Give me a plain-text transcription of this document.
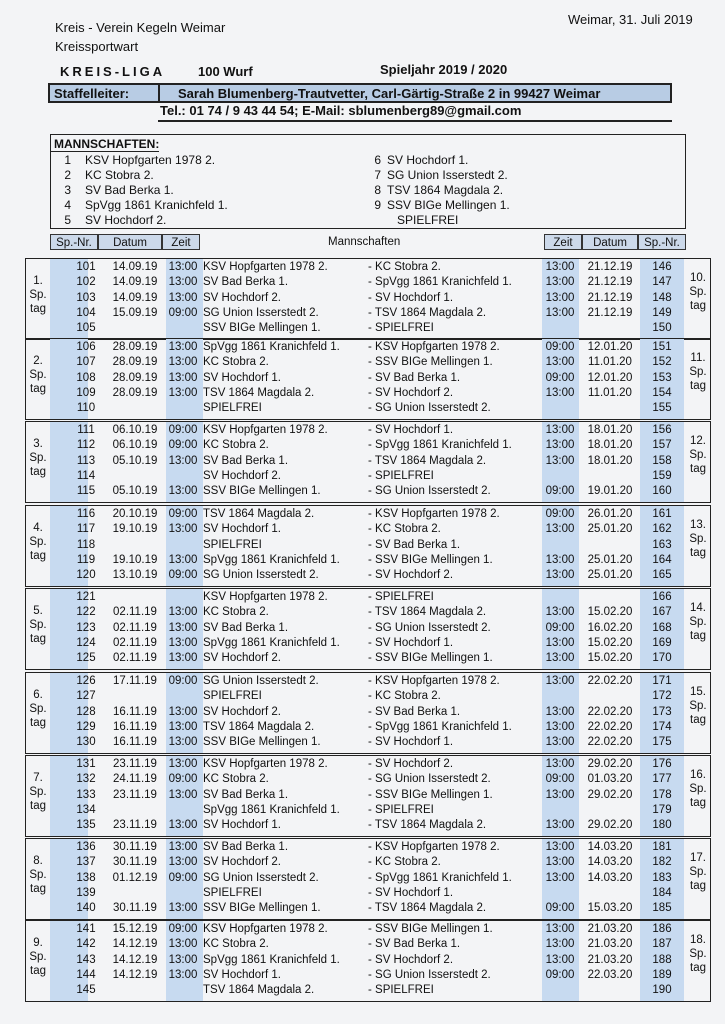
Kreis - Verein Kegeln Weimar
Kreissportwart
Weimar, 31. Juli 2019
KREIS-LIGA	100 Wurf	Spieljahr 2019 / 2020
Staffelleiter:	Sarah Blumenberg-Trautvetter, Carl-Gärtig-Straße 2 in 99427 Weimar
Tel.: 01 74 / 9 43 44 54; E-Mail: sblumenberg89@gmail.com
MANNSCHAFTEN:
1 KSV Hopfgarten 1978 2.
2 KC Stobra 2.
3 SV Bad Berka 1.
4 SpVgg 1861 Kranichfeld 1.
5 SV Hochdorf 2.
6 SV Hochdorf 1.
7 SG Union Isserstedt 2.
8 TSV 1864 Magdala 2.
9 SSV BIGe Mellingen 1.
SPIELFREI
Sp.-Nr.	Datum	Zeit	Mannschaften	Zeit	Datum	Sp.-Nr.
1.
Sp.
tag
10.
Sp.
tag
101	14.09.19 13:00 KSV Hopfgarten 1978 2.	- KC Stobra 2.	13:00	21.12.19	146
102	14.09.19 13:00 SV Bad Berka 1.	- SpVgg 1861 Kranichfeld 1.	13:00	21.12.19	147
103	14.09.19 13:00 SV Hochdorf 2.	- SV Hochdorf 1.	13:00	21.12.19	148
104	15.09.19 09:00 SG Union Isserstedt 2.	- TSV 1864 Magdala 2.	13:00	21.12.19	149
105	SSV BIGe Mellingen 1.	- SPIELFREI	150
2.
Sp.
tag
11.
Sp.
tag
106	28.09.19 13:00 SpVgg 1861 Kranichfeld 1.	- KSV Hopfgarten 1978 2.	09:00	12.01.20	151
107	28.09.19 13:00 KC Stobra 2.	- SSV BIGe Mellingen 1.	13:00	11.01.20	152
108	28.09.19 13:00 SV Hochdorf 1.	- SV Bad Berka 1.	09:00	12.01.20	153
109	28.09.19 13:00 TSV 1864 Magdala 2.	- SV Hochdorf 2.	13:00	11.01.20	154
110	SPIELFREI	- SG Union Isserstedt 2.	155
3.
Sp.
tag
12.
Sp.
tag
111	06.10.19 09:00 KSV Hopfgarten 1978 2.	- SV Hochdorf 1.	13:00	18.01.20	156
112	06.10.19 09:00 KC Stobra 2.	- SpVgg 1861 Kranichfeld 1.	13:00	18.01.20	157
113	05.10.19 13:00 SV Bad Berka 1.	- TSV 1864 Magdala 2.	13:00	18.01.20	158
114	SV Hochdorf 2.	- SPIELFREI	159
115	05.10.19 13:00 SSV BIGe Mellingen 1.	- SG Union Isserstedt 2.	09:00	19.01.20	160
4.
Sp.
tag
13.
Sp.
tag
116	20.10.19 09:00 TSV 1864 Magdala 2.	- KSV Hopfgarten 1978 2.	09:00	26.01.20	161
117	19.10.19 13:00 SV Hochdorf 1.	- KC Stobra 2.	13:00	25.01.20	162
118	SPIELFREI	- SV Bad Berka 1.	163
119	19.10.19 13:00 SpVgg 1861 Kranichfeld 1.	- SSV BIGe Mellingen 1.	13:00	25.01.20	164
120	13.10.19 09:00 SG Union Isserstedt 2.	- SV Hochdorf 2.	13:00	25.01.20	165
5.
Sp.
tag
14.
Sp.
tag
121	KSV Hopfgarten 1978 2.	- SPIELFREI	166
122	02.11.19	13:00 KC Stobra 2.	- TSV 1864 Magdala 2.	13:00	15.02.20	167
123	02.11.19	13:00 SV Bad Berka 1.	- SG Union Isserstedt 2.	09:00	16.02.20	168
124	02.11.19	13:00 SpVgg 1861 Kranichfeld 1.	- SV Hochdorf 1.	13:00	15.02.20	169
125	02.11.19	13:00 SV Hochdorf 2.	- SSV BIGe Mellingen 1.	13:00	15.02.20	170
6.
Sp.
tag
15.
Sp.
tag
126	17.11.19	09:00 SG Union Isserstedt 2.	- KSV Hopfgarten 1978 2.	13:00	22.02.20	171
127	SPIELFREI	- KC Stobra 2.	172
128	16.11.19	13:00 SV Hochdorf 2.	- SV Bad Berka 1.	13:00	22.02.20	173
129	16.11.19	13:00 TSV 1864 Magdala 2.	- SpVgg 1861 Kranichfeld 1.	13:00	22.02.20	174
130	16.11.19	13:00 SSV BIGe Mellingen 1.	- SV Hochdorf 1.	13:00	22.02.20	175
7.
Sp.
tag
16.
Sp.
tag
131	23.11.19	13:00 KSV Hopfgarten 1978 2.	- SV Hochdorf 2.	13:00	29.02.20	176
132	24.11.19	09:00 KC Stobra 2.	- SG Union Isserstedt 2.	09:00	01.03.20	177
133	23.11.19	13:00 SV Bad Berka 1.	- SSV BIGe Mellingen 1.	13:00	29.02.20	178
134	SpVgg 1861 Kranichfeld 1.	- SPIELFREI	179
135	23.11.19	13:00 SV Hochdorf 1.	- TSV 1864 Magdala 2.	13:00	29.02.20	180
8.
Sp.
tag
17.
Sp.
tag
136	30.11.19	13:00 SV Bad Berka 1.	- KSV Hopfgarten 1978 2.	13:00	14.03.20	181
137	30.11.19	13:00 SV Hochdorf 2.	- KC Stobra 2.	13:00	14.03.20	182
138	01.12.19 09:00 SG Union Isserstedt 2.	- SpVgg 1861 Kranichfeld 1.	13:00	14.03.20	183
139	SPIELFREI	- SV Hochdorf 1.	184
140	30.11.19	13:00 SSV BIGe Mellingen 1.	- TSV 1864 Magdala 2.	09:00	15.03.20	185
9.
Sp.
tag
18.
Sp.
tag
141	15.12.19 09:00 KSV Hopfgarten 1978 2.	- SSV BIGe Mellingen 1.	13:00	21.03.20	186
142	14.12.19 13:00 KC Stobra 2.	- SV Bad Berka 1.	13:00	21.03.20	187
143	14.12.19 13:00 SpVgg 1861 Kranichfeld 1.	- SV Hochdorf 2.	13:00	21.03.20	188
144	14.12.19 13:00 SV Hochdorf 1.	- SG Union Isserstedt 2.	09:00	22.03.20	189
145	TSV 1864 Magdala 2.	- SPIELFREI	190
